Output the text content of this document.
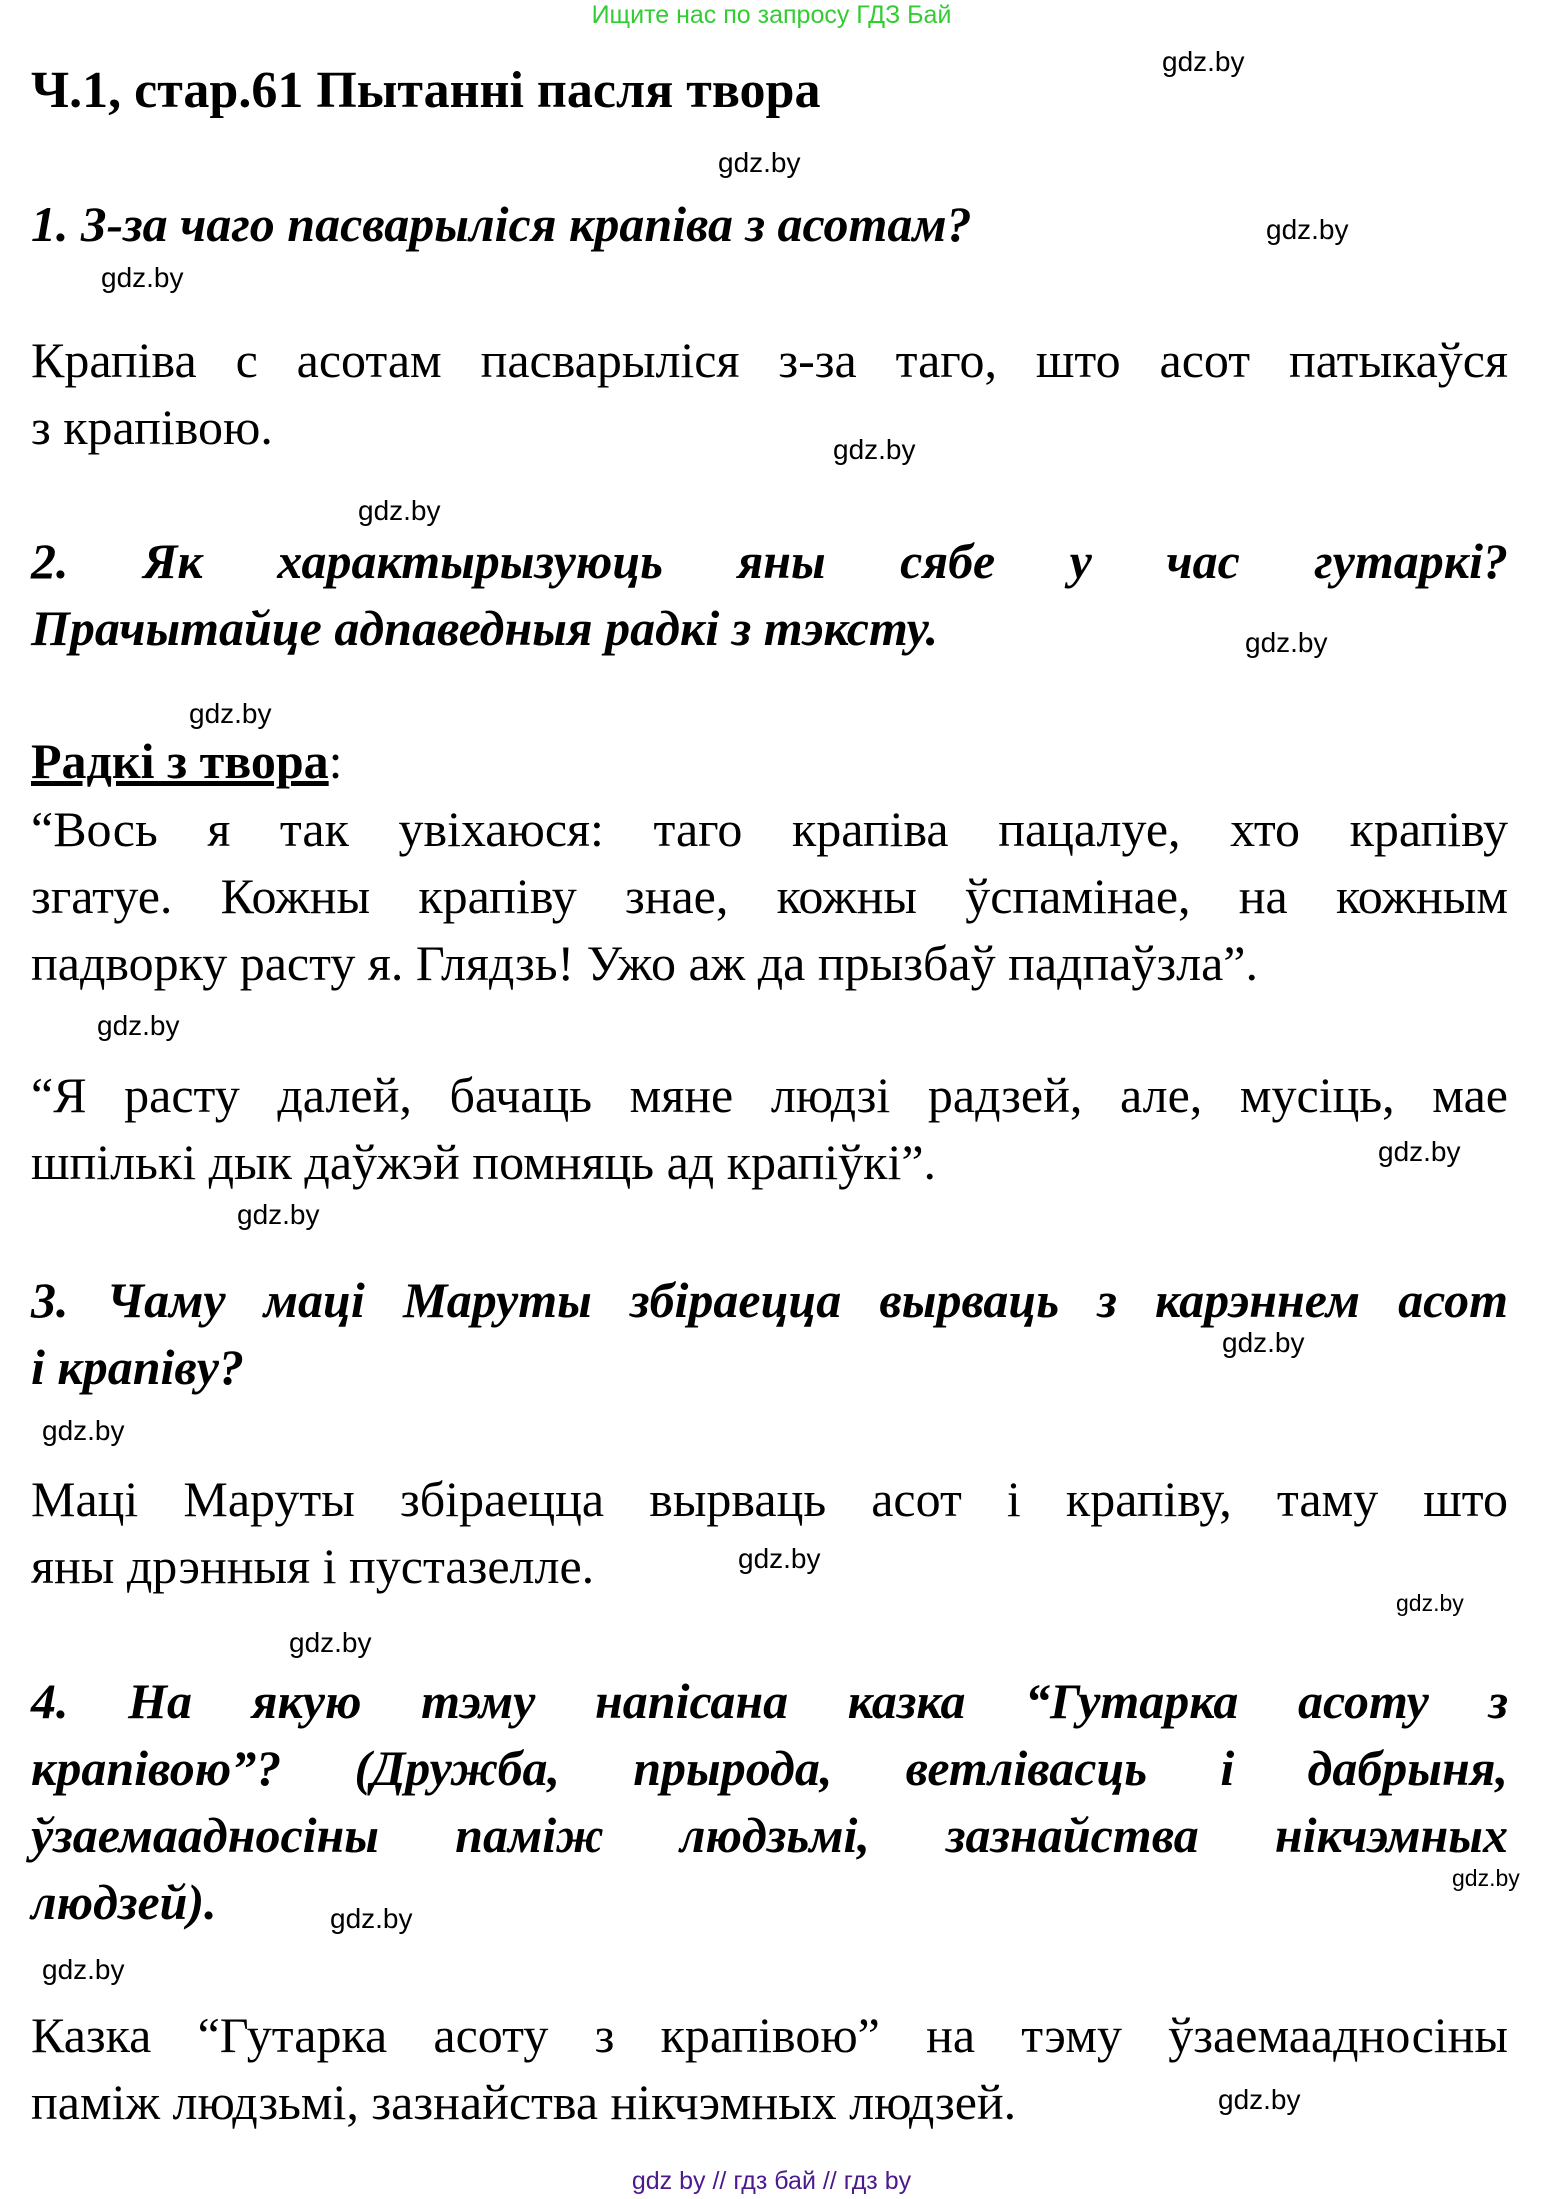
Ищите нас по запросу ГДЗ Бай
Ч.1, стар.61 Пытанні пасля твора
1. З-за чаго пасварыліся крапіва з асотам?
Крапіва с асотам пасварыліся з-за таго, што асот патыкаўся
з крапівою.
2. Як характырызуюць яны сябе у час гутаркі?
Прачытайце адпаведныя радкі з тэксту.
Радкі з твора:
“Вось я так увіхаюся: таго крапіва пацалуе, хто крапіву
згатуе. Кожны крапіву знае, кожны ўспамінае, на кожным
падворку расту я. Глядзь! Ужо аж да прызбаў падпаўзла”.
“Я расту далей, бачаць мяне людзі радзей, але, мусіць, мае
шпількі дык даўжэй помняць ад крапіўкі”.
3. Чаму маці Маруты збіраецца вырваць з карэннем асот
і крапіву?
Маці Маруты збіраецца вырваць асот і крапіву, таму што
яны дрэнныя і пустазелле.
4. На якую тэму напісана казка “Гутарка асоту з
крапівою”? (Дружба, прырода, ветлівасць і дабрыня,
ўзаемаадносіны паміж людзьмі, зазнайства нікчэмных
людзей).
Казка “Гутарка асоту з крапівою” на тэму ўзаемаадносіны
паміж людзьмі, зазнайства нікчэмных людзей.
gdz.by
gdz.by
gdz.by
gdz.by
gdz.by
gdz.by
gdz.by
gdz.by
gdz.by
gdz.by
gdz.by
gdz.by
gdz.by
gdz.by
gdz.by
gdz.by
gdz.by
gdz.by
gdz.by
gdz.by
gdz by // гдз бай // гдз by
